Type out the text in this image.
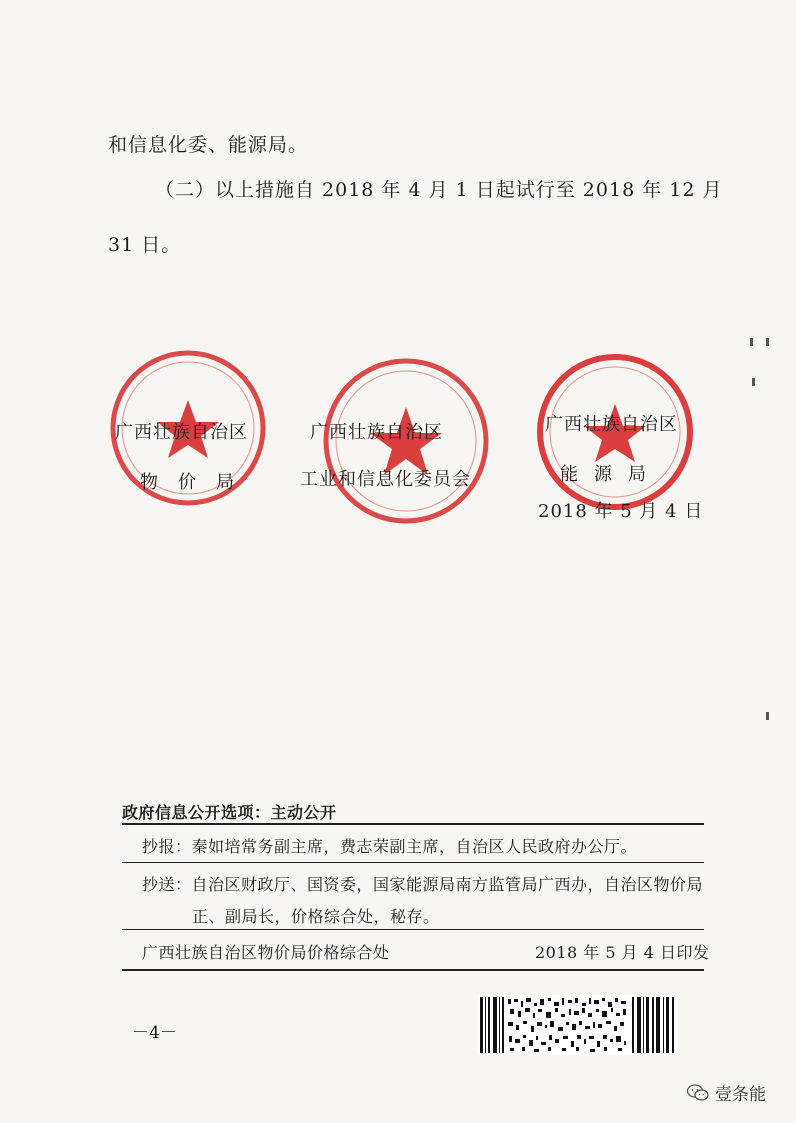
和信息化委、能源局。
（二）以上措施自 2018 年 4 月 1 日起试行至 2018 年 12 月
31 日。
广西壮族自治区
物价局
广西壮族自治区
工业和信息化委员会
广西壮族自治区
能源局
2018 年 5 月 4 日
政府信息公开选项：主动公开
抄报：秦如培常务副主席，费志荣副主席，自治区人民政府办公厅。
抄送：自治区财政厅、国资委，国家能源局南方监管局广西办，自治区物价局
正、副局长，价格综合处，秘存。
广西壮族自治区物价局价格综合处	2018 年 5 月 4 日印发
－4－
壹条能
